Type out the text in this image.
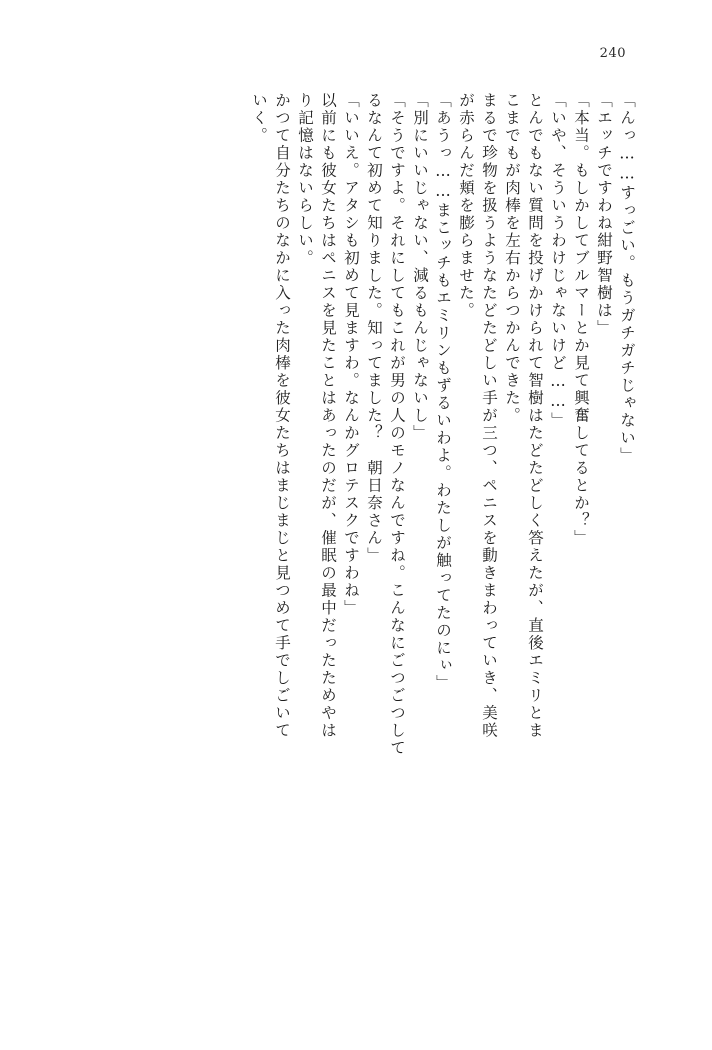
240
「んっ……すっごい。もうガチガチじゃない」
「エッチですわね紺野智樹は」
「本当。もしかしてブルマーとか見て興奮してるとか？」
「いや、そういうわけじゃないけど……」
とんでもない質問を投げかけられて智樹はたどたどしく答えたが、直後エミリとま
こまでもが肉棒を左右からつかんできた。
まるで珍物を扱うようなたどたどしい手が三つ、ペニスを動きまわっていき、美咲
が赤らんだ頬を膨らませた。
「あうっ……まこッチもエミリンもずるいわよ。わたしが触ってたのにぃ」
「別にいいじゃない、減るもんじゃないし」
「そうですよ。それにしてもこれが男の人のモノなんですね。こんなにごつごつして
るなんて初めて知りました。知ってました？　朝日奈さん」
「いいえ。アタシも初めて見ますわ。なんかグロテスクですわね」
以前にも彼女たちはペニスを見たことはあったのだが、催眠の最中だったためやは
り記憶はないらしい。
かつて自分たちのなかに入った肉棒を彼女たちはまじまじと見つめて手でしごいて
いく。
